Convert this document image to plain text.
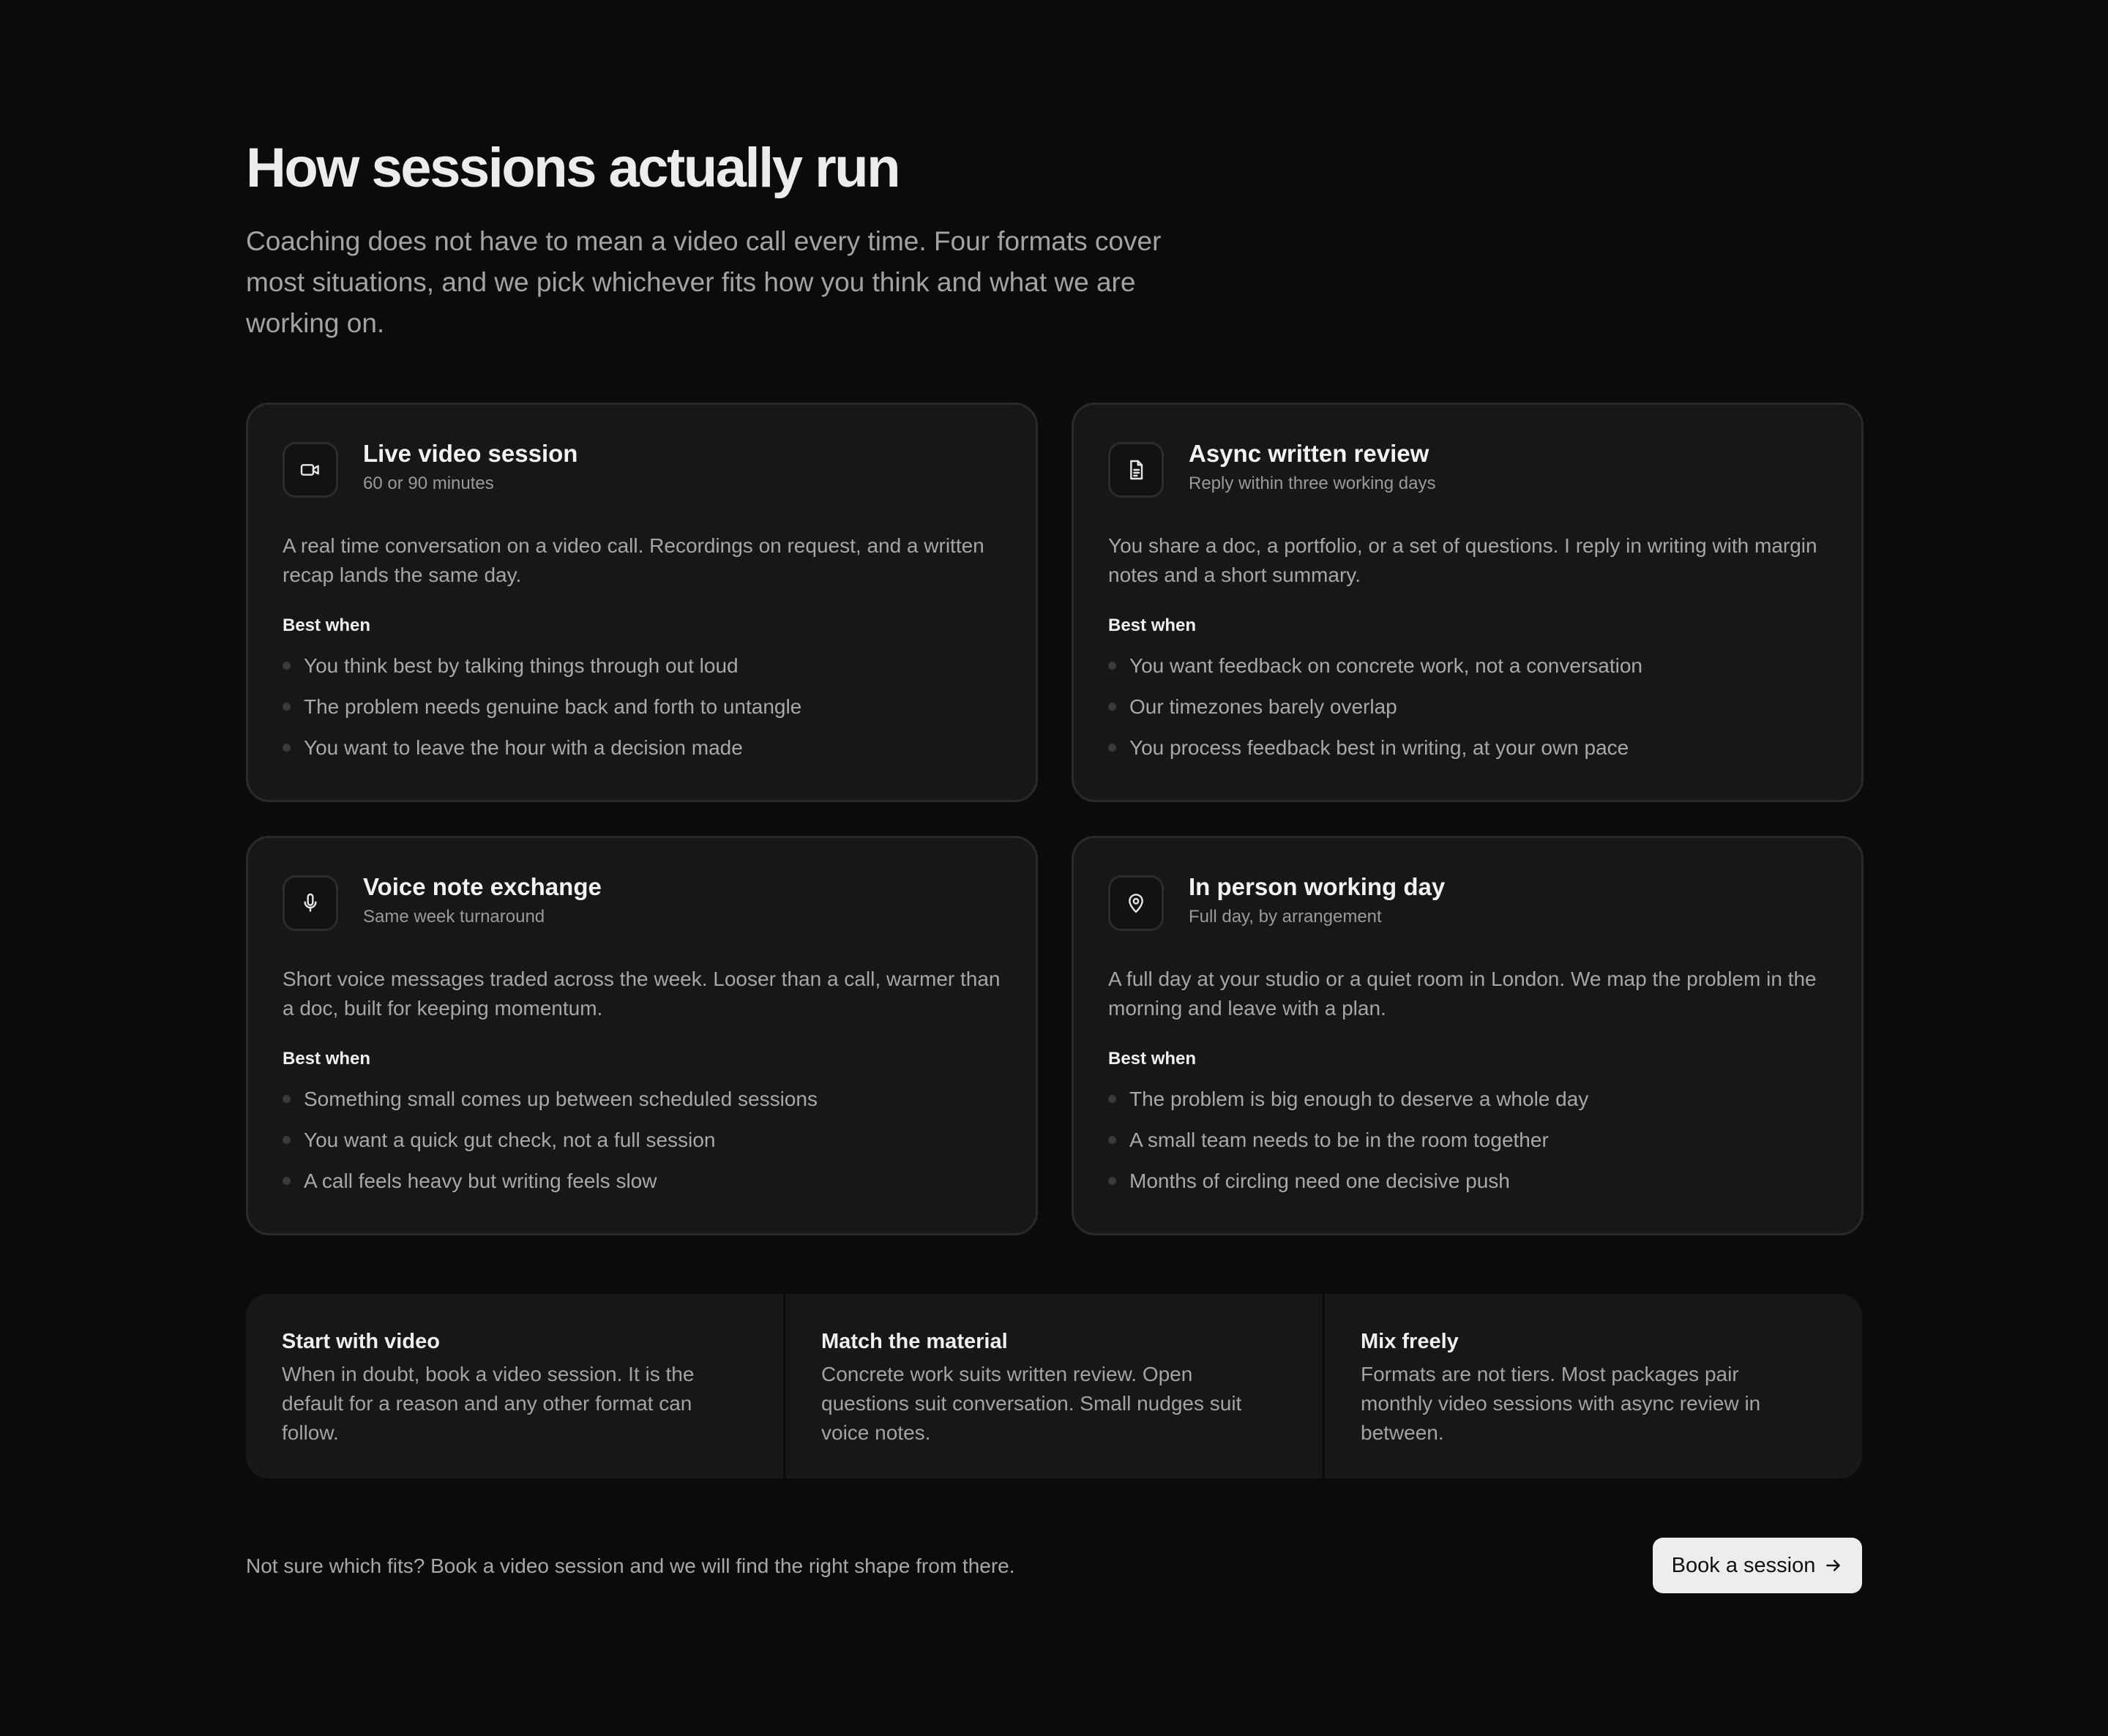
How sessions actually run

Coaching does not have to mean a video call every time. Four formats cover most situations, and we pick whichever fits how you think and what we are working on.

Live video session
60 or 90 minutes
A real time conversation on a video call. Recordings on request, and a written recap lands the same day.
Best when
You think best by talking things through out loud
The problem needs genuine back and forth to untangle
You want to leave the hour with a decision made
Async written review
Reply within three working days
You share a doc, a portfolio, or a set of questions. I reply in writing with margin notes and a short summary.
Best when
You want feedback on concrete work, not a conversation
Our timezones barely overlap
You process feedback best in writing, at your own pace
Voice note exchange
Same week turnaround
Short voice messages traded across the week. Looser than a call, warmer than a doc, built for keeping momentum.
Best when
Something small comes up between scheduled sessions
You want a quick gut check, not a full session
A call feels heavy but writing feels slow
In person working day
Full day, by arrangement
A full day at your studio or a quiet room in London. We map the problem in the morning and leave with a plan.
Best when
The problem is big enough to deserve a whole day
A small team needs to be in the room together
Months of circling need one decisive push
Start with video
When in doubt, book a video session. It is the default for a reason and any other format can follow.
Match the material
Concrete work suits written review. Open questions suit conversation. Small nudges suit voice notes.
Mix freely
Formats are not tiers. Most packages pair monthly video sessions with async review in between.
Not sure which fits? Book a video session and we will find the right shape from there.	Book a session
